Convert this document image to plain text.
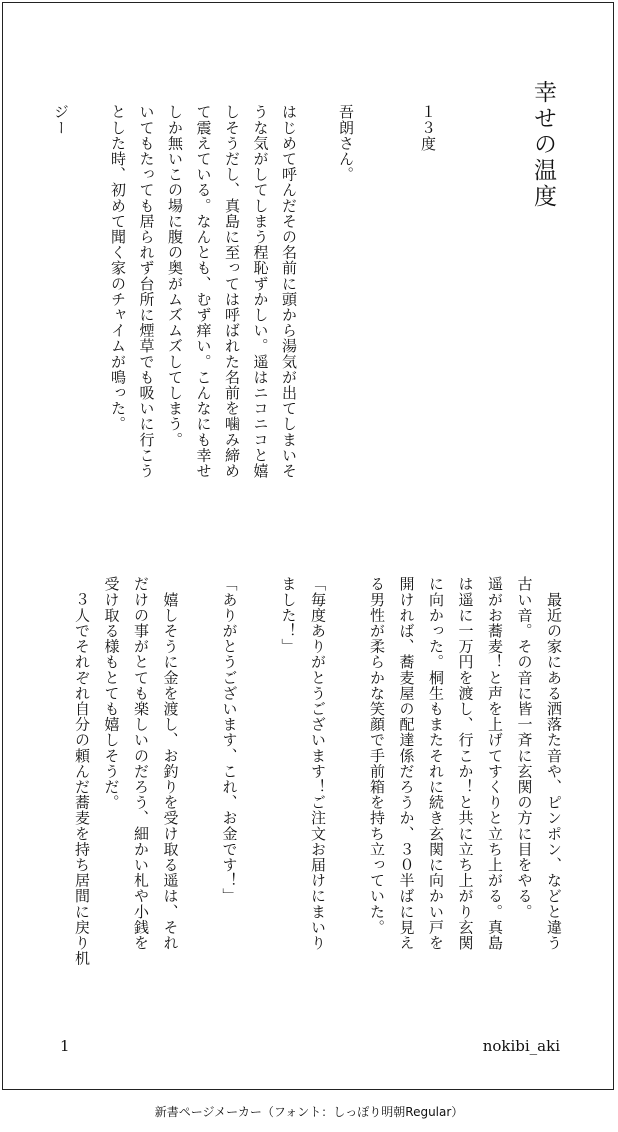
幸せの温度
１３度
吾朗さん。
はじめて呼んだその名前に頭から湯気が出てしまいそ
うな気がしてしまう程恥ずかしい。遥はニコニコと嬉
しそうだし、真島に至っては呼ばれた名前を噛み締め
て震えている。なんとも、むず痒い。こんなにも幸せ
しか無いこの場に腹の奥がムズムズしてしまう。
いてもたっても居られず台所に煙草でも吸いに行こう
とした時、初めて聞く家のチャイムが鳴った。
ジー
　最近の家にある洒落た音や、ピンポン、などと違う
古い音。その音に皆一斉に玄関の方に目をやる。
遥がお蕎麦！と声を上げてすくりと立ち上がる。真島
は遥に一万円を渡し、行こか！と共に立ち上がり玄関
に向かった。桐生もまたそれに続き玄関に向かい戸を
開ければ、蕎麦屋の配達係だろうか、３０半ばに見え
る男性が柔らかな笑顔で手前箱を持ち立っていた。
「毎度ありがとうございます！ご注文お届けにまいり
ました！」
「ありがとうございます、これ、お金です！」
　嬉しそうに金を渡し、お釣りを受け取る遥は、それ
だけの事がとても楽しいのだろう、細かい札や小銭を
受け取る様もとても嬉しそうだ。
　３人でそれぞれ自分の頼んだ蕎麦を持ち居間に戻り机
1	nokibi_aki
新書ページメーカー（フォント：しっぽり明朝Regular）
